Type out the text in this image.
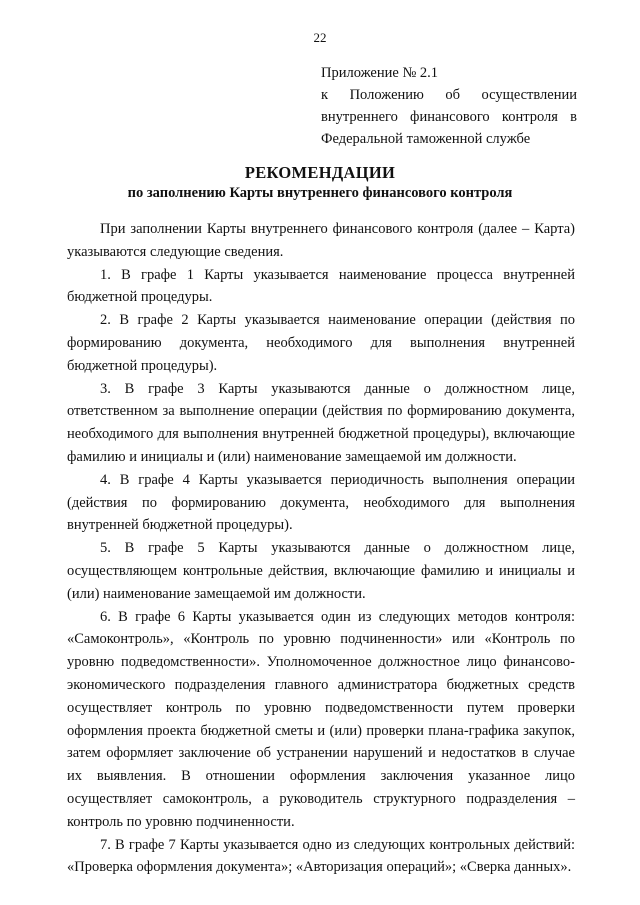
22
Приложение № 2.1
к Положению об осуществлении
внутреннего финансового контроля в
Федеральной таможенной службе
РЕКОМЕНДАЦИИ
по заполнению Карты внутреннего финансового контроля

При заполнении Карты внутреннего финансового контроля (далее – Карта) указываются следующие сведения.

1. В графе 1 Карты указывается наименование процесса внутренней бюджетной процедуры.

2. В графе 2 Карты указывается наименование операции (действия по формированию документа, необходимого для выполнения внутренней бюджетной процедуры).

3. В графе 3 Карты указываются данные о должностном лице, ответственном за выполнение операции (действия по формированию документа, необходимого для выполнения внутренней бюджетной процедуры), включающие фамилию и инициалы и (или) наименование замещаемой им должности.

4. В графе 4 Карты указывается периодичность выполнения операции (действия по формированию документа, необходимого для выполнения внутренней бюджетной процедуры).

5. В графе 5 Карты указываются данные о должностном лице, осуществляющем контрольные действия, включающие фамилию и инициалы и (или) наименование замещаемой им должности.

6. В графе 6 Карты указывается один из следующих методов контроля: «Самоконтроль», «Контроль по уровню подчиненности» или «Контроль по уровню подведомственности». Уполномоченное должностное лицо финансово-экономического подразделения главного администратора бюджетных средств осуществляет контроль по уровню подведомственности путем проверки оформления проекта бюджетной сметы и (или) проверки плана-графика закупок, затем оформляет заключение об устранении нарушений и недостатков в случае их выявления. В отношении оформления заключения указанное лицо осуществляет самоконтроль, а руководитель структурного подразделения – контроль по уровню подчиненности.

7. В графе 7 Карты указывается одно из следующих контрольных действий: «Проверка оформления документа»; «Авторизация операций»; «Сверка данных».
